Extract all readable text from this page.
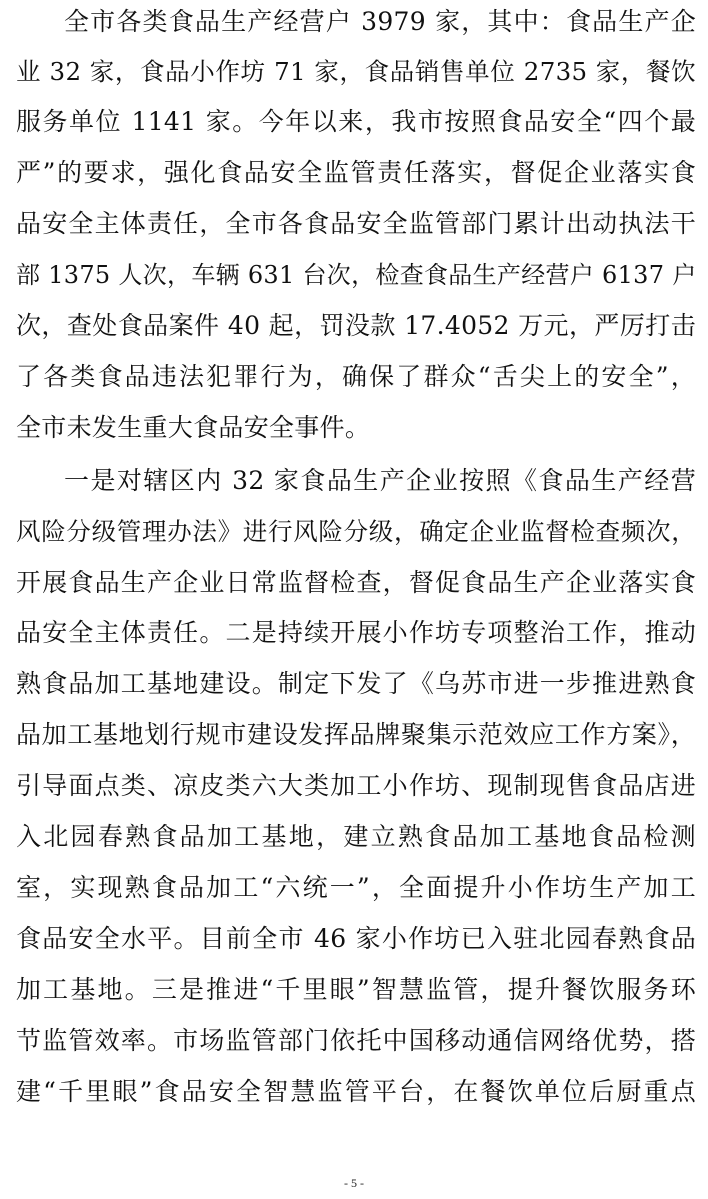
全市各类食品生产经营户 3979 家，其中：食品生产企
业 32 家，食品小作坊 71 家，食品销售单位 2735 家，餐饮
服务单位 1141 家。今年以来，我市按照食品安全“四个最
严”的要求，强化食品安全监管责任落实，督促企业落实食
品安全主体责任，全市各食品安全监管部门累计出动执法干
部 1375 人次，车辆 631 台次，检查食品生产经营户 6137 户
次，查处食品案件 40 起，罚没款 17.4052 万元，严厉打击
了各类食品违法犯罪行为，确保了群众“舌尖上的安全”，
全市未发生重大食品安全事件。
一是对辖区内 32 家食品生产企业按照《食品生产经营
风险分级管理办法》进行风险分级，确定企业监督检查频次，
开展食品生产企业日常监督检查，督促食品生产企业落实食
品安全主体责任。二是持续开展小作坊专项整治工作，推动
熟食品加工基地建设。制定下发了《乌苏市进一步推进熟食
品加工基地划行规市建设发挥品牌聚集示范效应工作方案》，
引导面点类、凉皮类六大类加工小作坊、现制现售食品店进
入北园春熟食品加工基地，建立熟食品加工基地食品检测
室，实现熟食品加工“六统一”，全面提升小作坊生产加工
食品安全水平。目前全市 46 家小作坊已入驻北园春熟食品
加工基地。三是推进“千里眼”智慧监管，提升餐饮服务环
节监管效率。市场监管部门依托中国移动通信网络优势，搭
建“千里眼”食品安全智慧监管平台，在餐饮单位后厨重点
- 5 -
